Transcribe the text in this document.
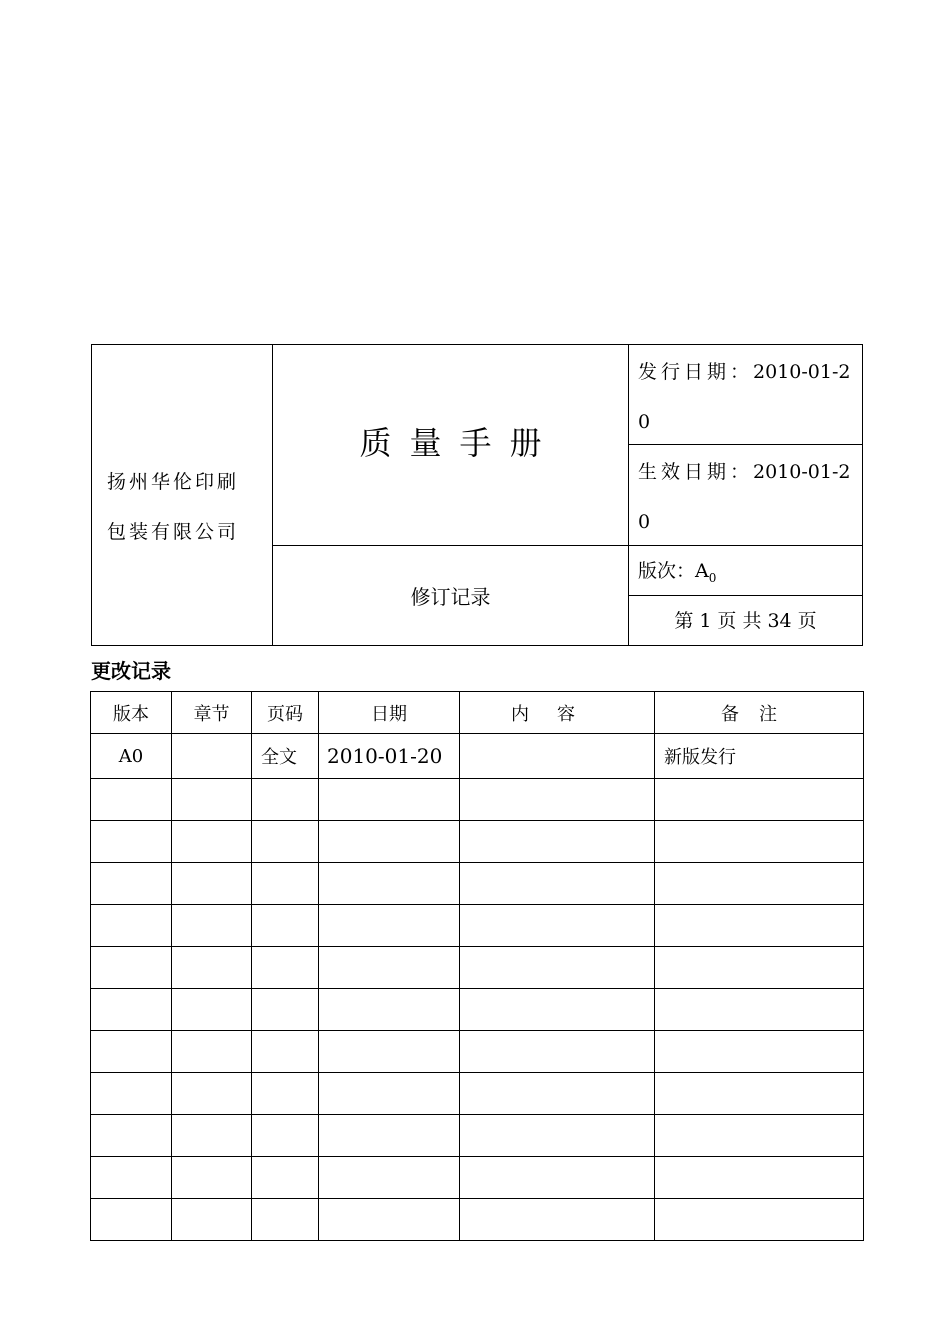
扬州华伦印刷
包装有限公司
质量手册
修订记录
发行日期：2010-01-20
生效日期：2010-01-20
版次：$A_0$
第 1 页 共 34 页
更改记录
版本	章节	页码	日期	内容	备注
A0		全文	2010-01-20		新版发行
